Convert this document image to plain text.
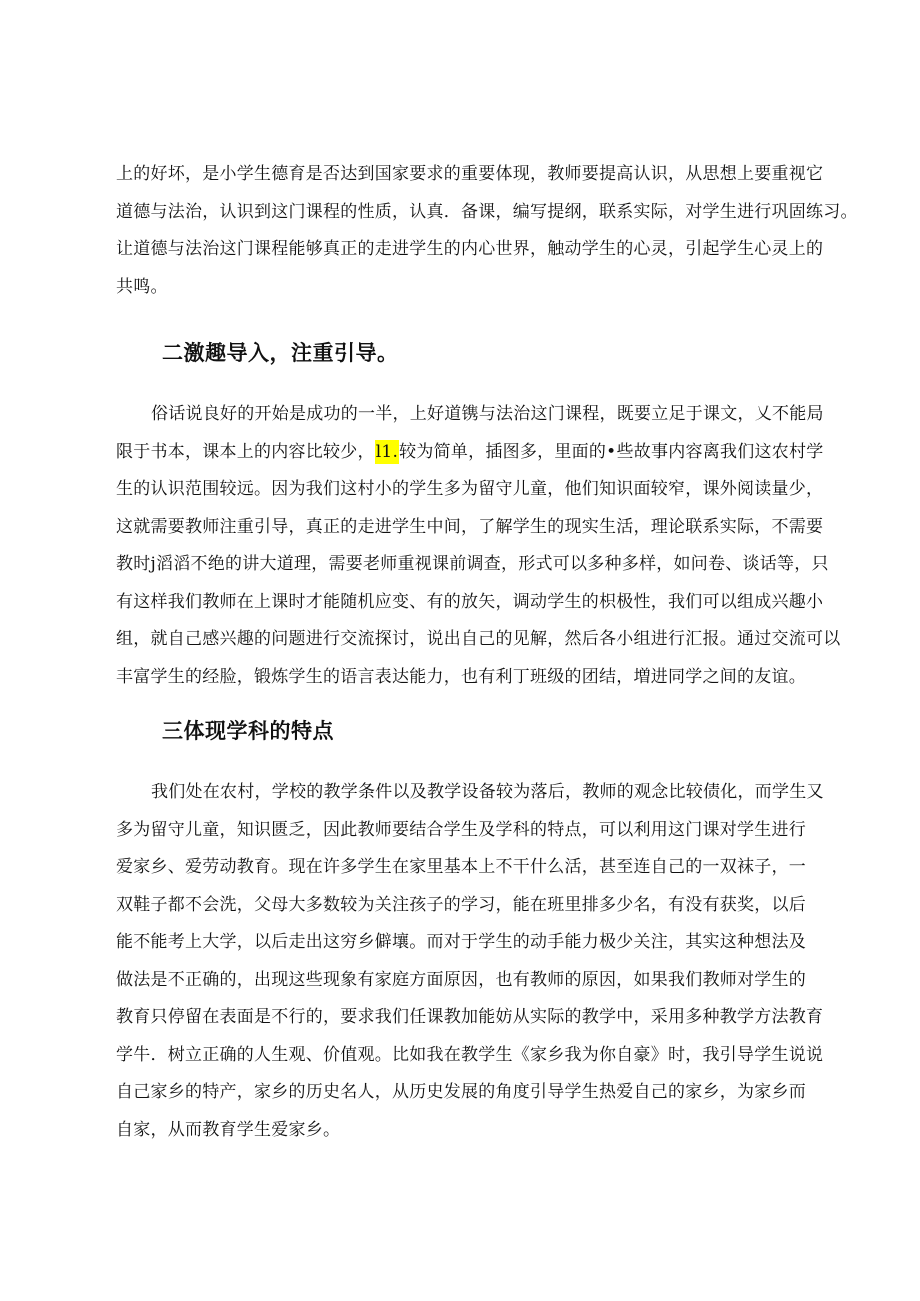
上的好坏，是小学生德育是否达到国家要求的重要体现，教师要提高认识，从思想上要重视它
道德与法治，认识到这门课程的性质，认真．备课，编写提纲，联系实际，对学生进行巩固练习。
让道德与法治这门课程能够真正的走进学生的内心世界，触动学生的心灵，引起学生心灵上的
共鸣。
二激趣导入，注重引导。
俗话说良好的开始是成功的一半，上好道镌与法治这门课程，既要立足于课文，乂不能局
限于书本，课本上的内容比较少，l1.较为简单，插图多，里面的•些故事内容离我们这农村学
生的认识范围较远。因为我们这村小的学生多为留守儿童，他们知识面较窄，课外阅读量少，
这就需要教师注重引导，真正的走进学生中间，了解学生的现实生活，理论联系实际，不需要
教时j滔滔不绝的讲大道理，需要老师重视课前调查，形式可以多种多样，如问卷、谈话等，只
有这样我们教师在上课时才能随机应变、有的放矢，调动学生的枳极性，我们可以组成兴趣小
组，就自己感兴趣的问题进行交流探讨，说出自己的见解，然后各小组进行汇报。通过交流可以
丰富学生的经脸，锻炼学生的语言表达能力，也有利丁班级的团结，増进同学之间的友谊。
三体现学科的特点
我们处在农村，学校的教学条件以及教学设备较为落后，教师的观念比较债化，而学生又
多为留守儿童，知识匮乏，因此教师要结合学生及学科的特点，可以利用这门课对学生进行
爱家乡、爱劳动教育。现在许多学生在家里基本上不干什么活，甚至连自己的一双袜子，一
双鞋子都不会洗，父母大多数较为关注孩子的学习，能在班里排多少名，有没有获奖，以后
能不能考上大学，以后走出这穷乡僻壤。而对于学生的动手能力极少关注，其实这种想法及
做法是不正确的，出现这些现象有家庭方面原因，也有教师的原因，如果我们教师对学生的
教育只停留在表面是不行的，要求我们任课教加能妨从实际的教学中，采用多种教学方法教育
学牛．树立正确的人生观、价值观。比如我在教学生《家乡我为你自豪》时，我引导学生说说
自己家乡的特产，家乡的历史名人，从历史发展的角度引导学生热爱自己的家乡，为家乡而
自家，从而教育学生爱家乡。
